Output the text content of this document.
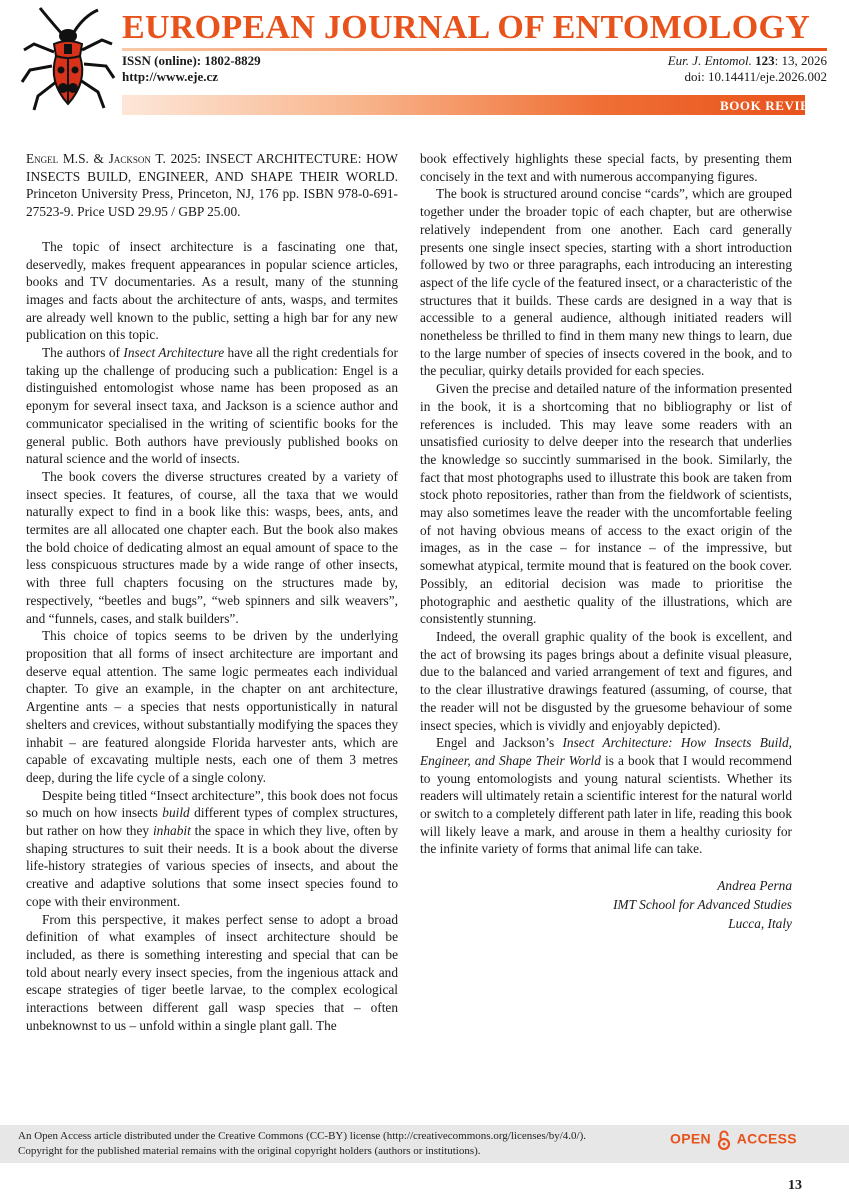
EUROPEAN JOURNAL OF ENTOMOLOGY
ISSN (online): 1802-8829
http://www.eje.cz
Eur. J. Entomol. 123: 13, 2026
doi: 10.14411/eje.2026.002
BOOK REVIEW

Engel M.S. & Jackson T. 2025: INSECT ARCHITECTURE: HOW INSECTS BUILD, ENGINEER, AND SHAPE THEIR WORLD. Princeton University Press, Princeton, NJ, 176 pp. ISBN 978-0-691-27523-9. Price USD 29.95 / GBP 25.00.

The topic of insect architecture is a fascinating one that, deservedly, makes frequent appearances in popular science articles, books and TV documentaries. As a result, many of the stunning images and facts about the architecture of ants, wasps, and termites are already well known to the public, setting a high bar for any new publication on this topic.

The authors of Insect Architecture have all the right credentials for taking up the challenge of producing such a publication: Engel is a distinguished entomologist whose name has been proposed as an eponym for several insect taxa, and Jackson is a science author and communicator specialised in the writing of scientific books for the general public. Both authors have previously published books on natural science and the world of insects.

The book covers the diverse structures created by a variety of insect species. It features, of course, all the taxa that we would naturally expect to find in a book like this: wasps, bees, ants, and termites are all allocated one chapter each. But the book also makes the bold choice of dedicating almost an equal amount of space to the less conspicuous structures made by a wide range of other insects, with three full chapters focusing on the structures made by, respectively, “beetles and bugs”, “web spinners and silk weavers”, and “funnels, cases, and stalk builders”.

This choice of topics seems to be driven by the underlying proposition that all forms of insect architecture are important and deserve equal attention. The same logic permeates each individual chapter. To give an example, in the chapter on ant architecture, Argentine ants – a species that nests opportunistically in natural shelters and crevices, without substantially modifying the spaces they inhabit – are featured alongside Florida harvester ants, which are capable of excavating multiple nests, each one of them 3 metres deep, during the life cycle of a single colony.

Despite being titled “Insect architecture”, this book does not focus so much on how insects build different types of complex structures, but rather on how they inhabit the space in which they live, often by shaping structures to suit their needs. It is a book about the diverse life-history strategies of various species of insects, and about the creative and adaptive solutions that some insect species found to cope with their environment.

From this perspective, it makes perfect sense to adopt a broad definition of what examples of insect architecture should be included, as there is something interesting and special that can be told about nearly every insect species, from the ingenious attack and escape strategies of tiger beetle larvae, to the complex ecological interactions between different gall wasp species that – often unbeknownst to us – unfold within a single plant gall. The

book effectively highlights these special facts, by presenting them concisely in the text and with numerous accompanying figures.

The book is structured around concise “cards”, which are grouped together under the broader topic of each chapter, but are otherwise relatively independent from one another. Each card generally presents one single insect species, starting with a short introduction followed by two or three paragraphs, each introducing an interesting aspect of the life cycle of the featured insect, or a characteristic of the structures that it builds. These cards are designed in a way that is accessible to a general audience, although initiated readers will nonetheless be thrilled to find in them many new things to learn, due to the large number of species of insects covered in the book, and to the peculiar, quirky details provided for each species.

Given the precise and detailed nature of the information presented in the book, it is a shortcoming that no bibliography or list of references is included. This may leave some readers with an unsatisfied curiosity to delve deeper into the research that underlies the knowledge so succintly summarised in the book. Similarly, the fact that most photographs used to illustrate this book are taken from stock photo repositories, rather than from the fieldwork of scientists, may also sometimes leave the reader with the uncomfortable feeling of not having obvious means of access to the exact origin of the images, as in the case – for instance – of the impressive, but somewhat atypical, termite mound that is featured on the book cover. Possibly, an editorial decision was made to prioritise the photographic and aesthetic quality of the illustrations, which are consistently stunning.

Indeed, the overall graphic quality of the book is excellent, and the act of browsing its pages brings about a definite visual pleasure, due to the balanced and varied arrangement of text and figures, and to the clear illustrative drawings featured (assuming, of course, that the reader will not be disgusted by the gruesome behaviour of some insect species, which is vividly and enjoyably depicted).

Engel and Jackson’s Insect Architecture: How Insects Build, Engineer, and Shape Their World is a book that I would recommend to young entomologists and young natural scientists. Whether its readers will ultimately retain a scientific interest for the natural world or switch to a completely different path later in life, reading this book will likely leave a mark, and arouse in them a healthy curiosity for the infinite variety of forms that animal life can take.

Andrea Perna
IMT School for Advanced Studies
Lucca, Italy
An Open Access article distributed under the Creative Commons (CC-BY) license (http://creativecommons.org/licenses/by/4.0/).
Copyright for the published material remains with the original copyright holders (authors or institutions).
OPEN ACCESS
13
